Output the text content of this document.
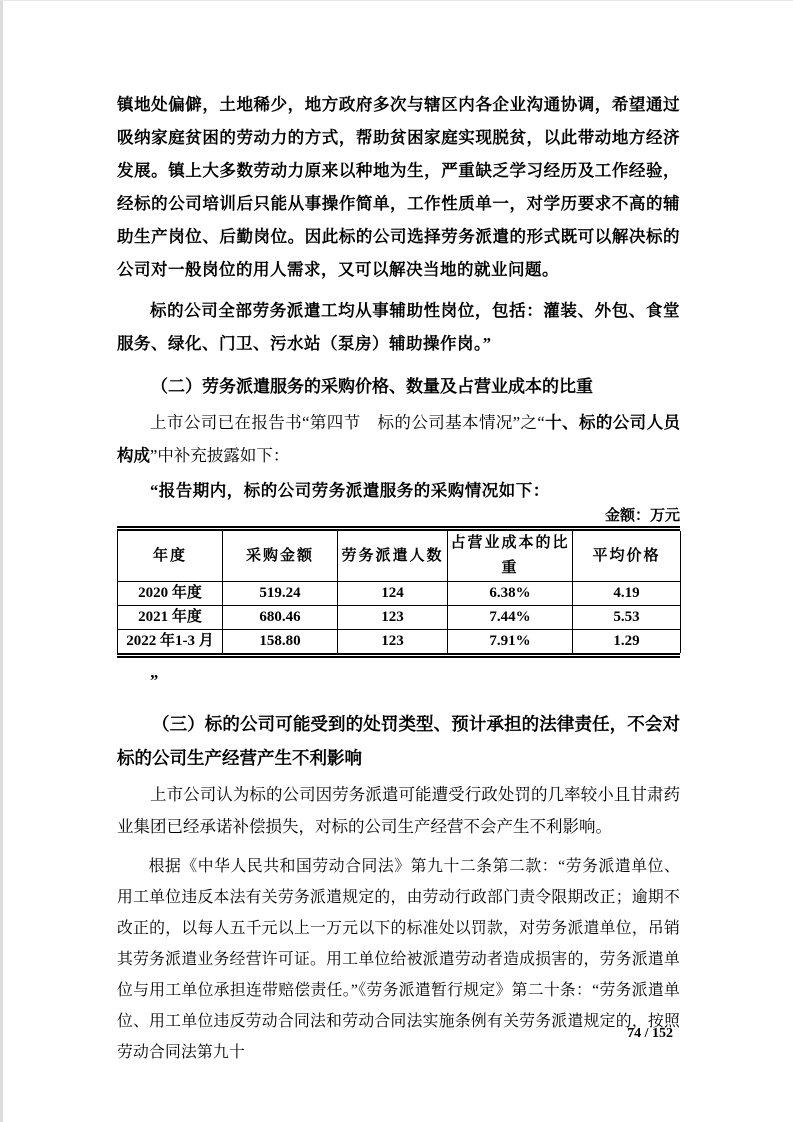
镇地处偏僻，土地稀少，地方政府多次与辖区内各企业沟通协调，希望通过吸纳家庭贫困的劳动力的方式，帮助贫困家庭实现脱贫，以此带动地方经济发展。镇上大多数劳动力原来以种地为生，严重缺乏学习经历及工作经验，经标的公司培训后只能从事操作简单，工作性质单一，对学历要求不高的辅助生产岗位、后勤岗位。因此标的公司选择劳务派遣的形式既可以解决标的公司对一般岗位的用人需求，又可以解决当地的就业问题。

标的公司全部劳务派遣工均从事辅助性岗位，包括：灌装、外包、食堂服务、绿化、门卫、污水站（泵房）辅助操作岗。”

（二）劳务派遣服务的采购价格、数量及占营业成本的比重

上市公司已在报告书“第四节　标的公司基本情况”之“十、标的公司人员构成”中补充披露如下：

“报告期内，标的公司劳务派遣服务的采购情况如下：

金额：万元
年度	采购金额	劳务派遣人数	占营业成本的比重	平均价格
2020 年度	519.24	124	6.38%	4.19
2021 年度	680.46	123	7.44%	5.53
2022 年1-3 月	158.80	123	7.91%	1.29

”

（三）标的公司可能受到的处罚类型、预计承担的法律责任，不会对标的公司生产经营产生不利影响

上市公司认为标的公司因劳务派遣可能遭受行政处罚的几率较小且甘肃药业集团已经承诺补偿损失，对标的公司生产经营不会产生不利影响。

根据《中华人民共和国劳动合同法》第九十二条第二款：“劳务派遣单位、用工单位违反本法有关劳务派遣规定的，由劳动行政部门责令限期改正；逾期不改正的，以每人五千元以上一万元以下的标准处以罚款，对劳务派遣单位，吊销其劳务派遣业务经营许可证。用工单位给被派遣劳动者造成损害的，劳务派遣单位与用工单位承担连带赔偿责任。”《劳务派遣暂行规定》第二十条：“劳务派遣单位、用工单位违反劳动合同法和劳动合同法实施条例有关劳务派遣规定的，按照劳动合同法第九十

74 / 152
